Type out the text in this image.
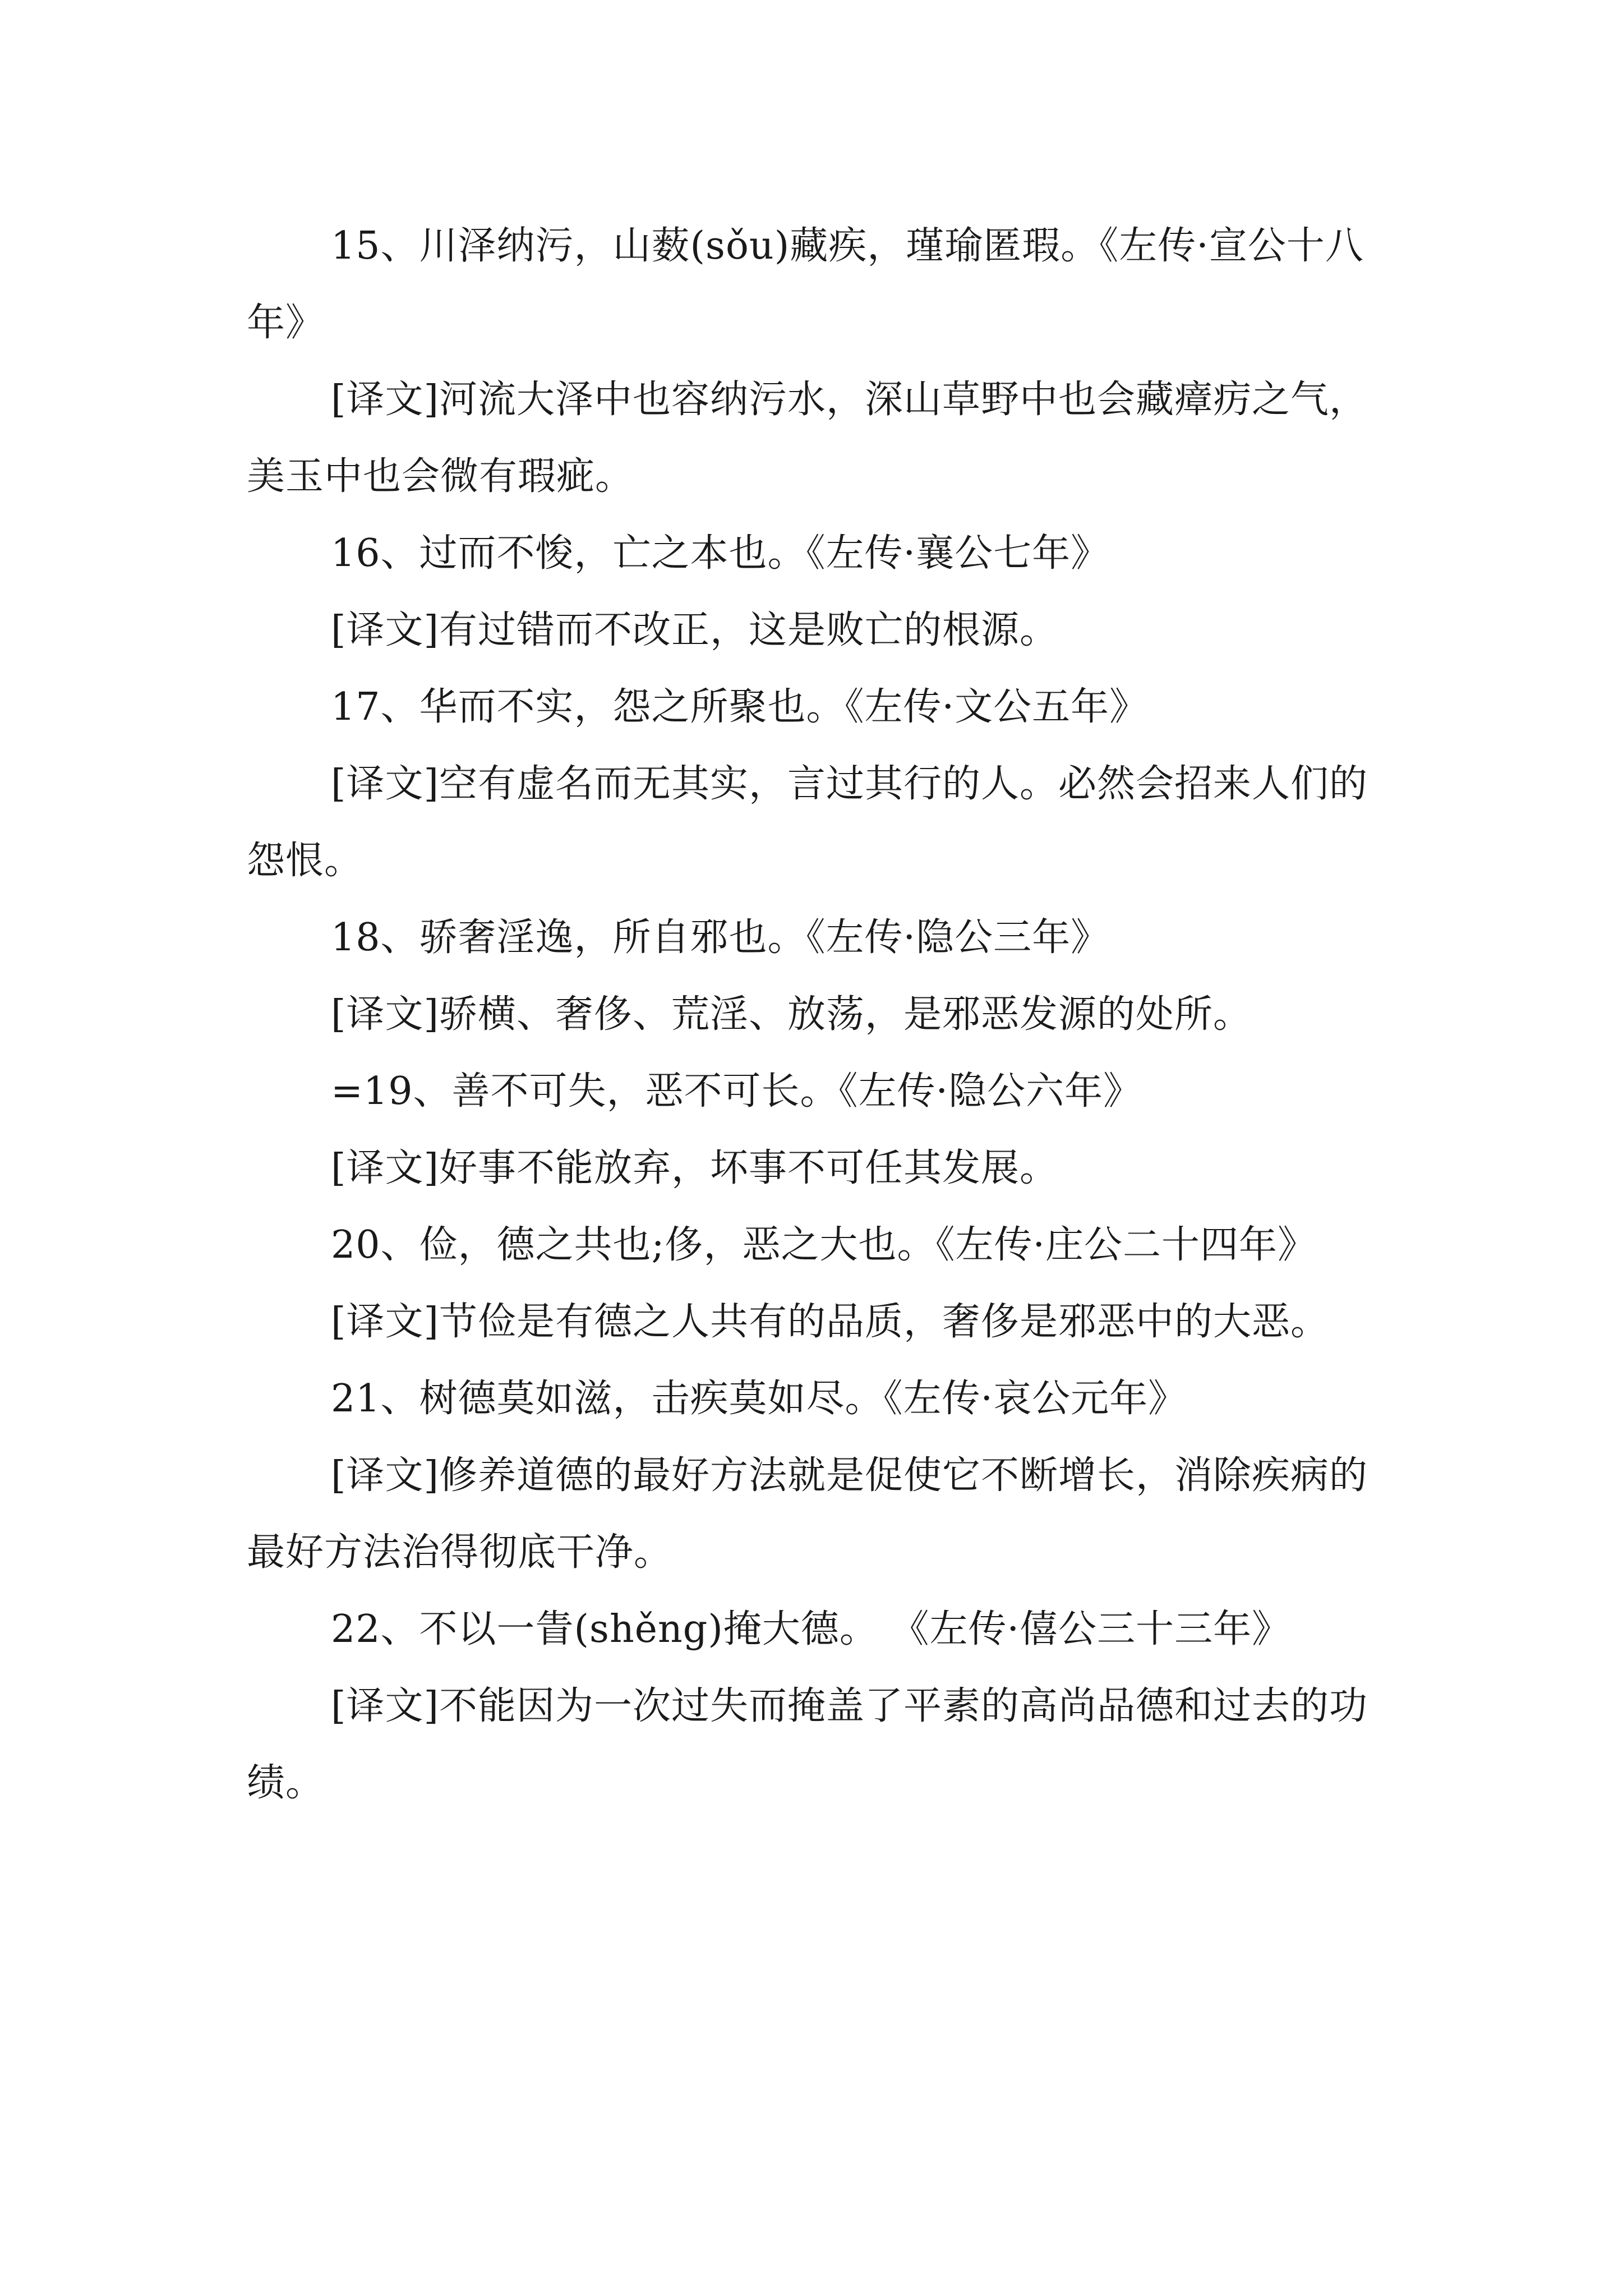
15、川泽纳污，山薮(sǒu)藏疾，瑾瑜匿瑕。《左传·宣公十八年》

[译文]河流大泽中也容纳污水，深山草野中也会藏瘴疠之气，美玉中也会微有瑕疵。

16、过而不悛，亡之本也。《左传·襄公七年》

[译文]有过错而不改正，这是败亡的根源。

17、华而不实，怨之所聚也。《左传·文公五年》

[译文]空有虚名而无其实，言过其行的人。必然会招来人们的怨恨。

18、骄奢淫逸，所自邪也。《左传·隐公三年》

[译文]骄横、奢侈、荒淫、放荡，是邪恶发源的处所。

=19、善不可失，恶不可长。《左传·隐公六年》

[译文]好事不能放弃，坏事不可任其发展。

20、俭，德之共也;侈，恶之大也。《左传·庄公二十四年》

[译文]节俭是有德之人共有的品质，奢侈是邪恶中的大恶。

21、树德莫如滋，击疾莫如尽。《左传·哀公元年》

[译文]修养道德的最好方法就是促使它不断增长，消除疾病的最好方法治得彻底干净。

22、不以一眚(shěng)掩大德。 《左传·僖公三十三年》

[译文]不能因为一次过失而掩盖了平素的高尚品德和过去的功绩。
